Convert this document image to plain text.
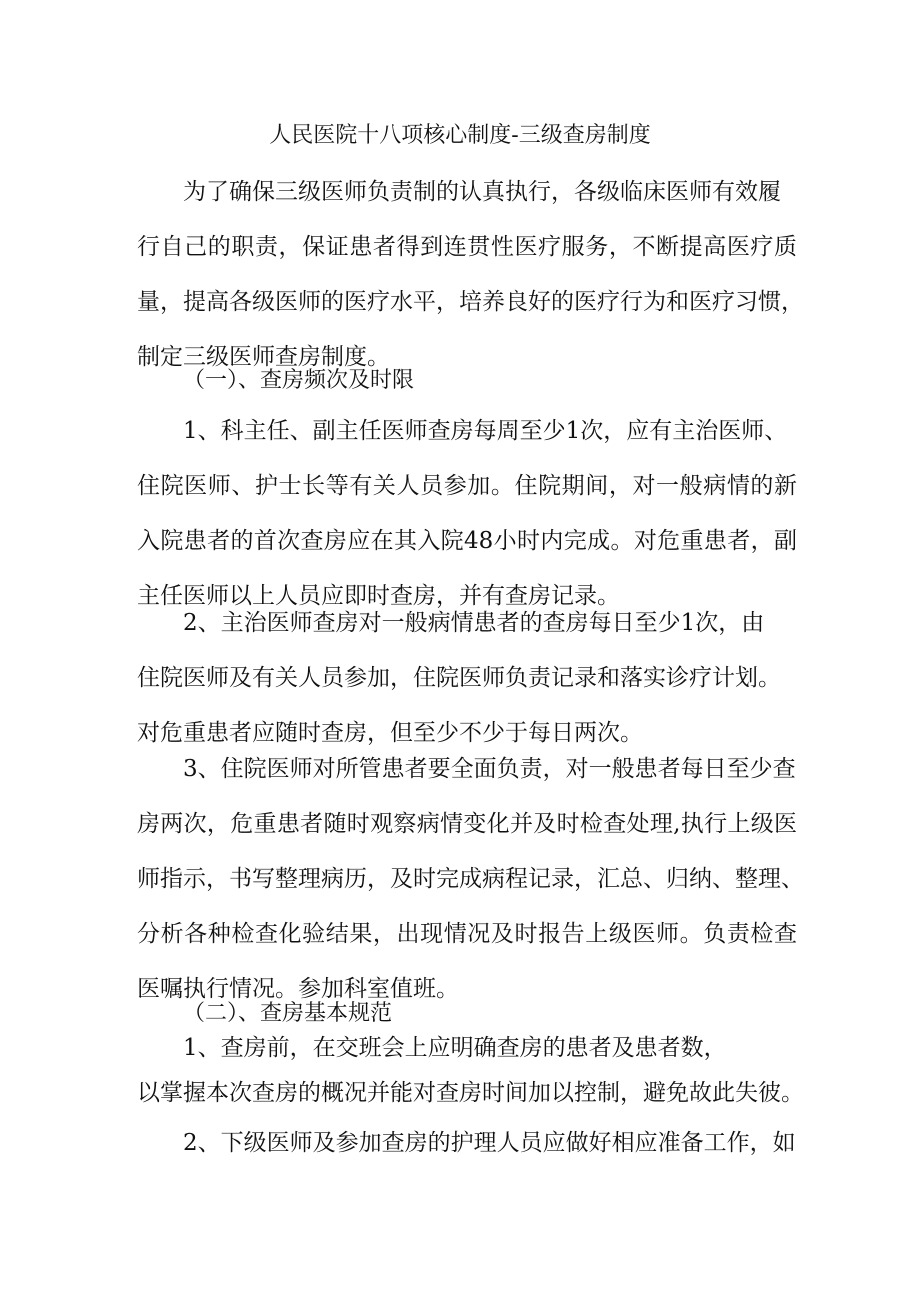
人民医院十八项核心制度-三级查房制度
为了确保三级医师负责制的认真执行，各级临床医师有效履
行自己的职责，保证患者得到连贯性医疗服务，不断提高医疗质
量，提高各级医师的医疗水平，培养良好的医疗行为和医疗习惯，
制定三级医师查房制度。
（一）、查房频次及时限
1、科主任、副主任医师查房每周至少1次，应有主治医师、
住院医师、护士长等有关人员参加。住院期间，对一般病情的新
入院患者的首次查房应在其入院48小时内完成。对危重患者，副
主任医师以上人员应即时查房，并有查房记录。
2、主治医师查房对一般病情患者的查房每日至少1次，由
住院医师及有关人员参加，住院医师负责记录和落实诊疗计划。
对危重患者应随时查房，但至少不少于每日两次。
3、住院医师对所管患者要全面负责，对一般患者每日至少查
房两次，危重患者随时观察病情变化并及时检查处理,执行上级医
师指示，书写整理病历，及时完成病程记录，汇总、归纳、整理、
分析各种检查化验结果，出现情况及时报告上级医师。负责检查
医嘱执行情况。参加科室值班。
（二）、查房基本规范
1、查房前，在交班会上应明确查房的患者及患者数，
以掌握本次查房的概况并能对查房时间加以控制，避免故此失彼。
2、下级医师及参加查房的护理人员应做好相应准备工作，如
